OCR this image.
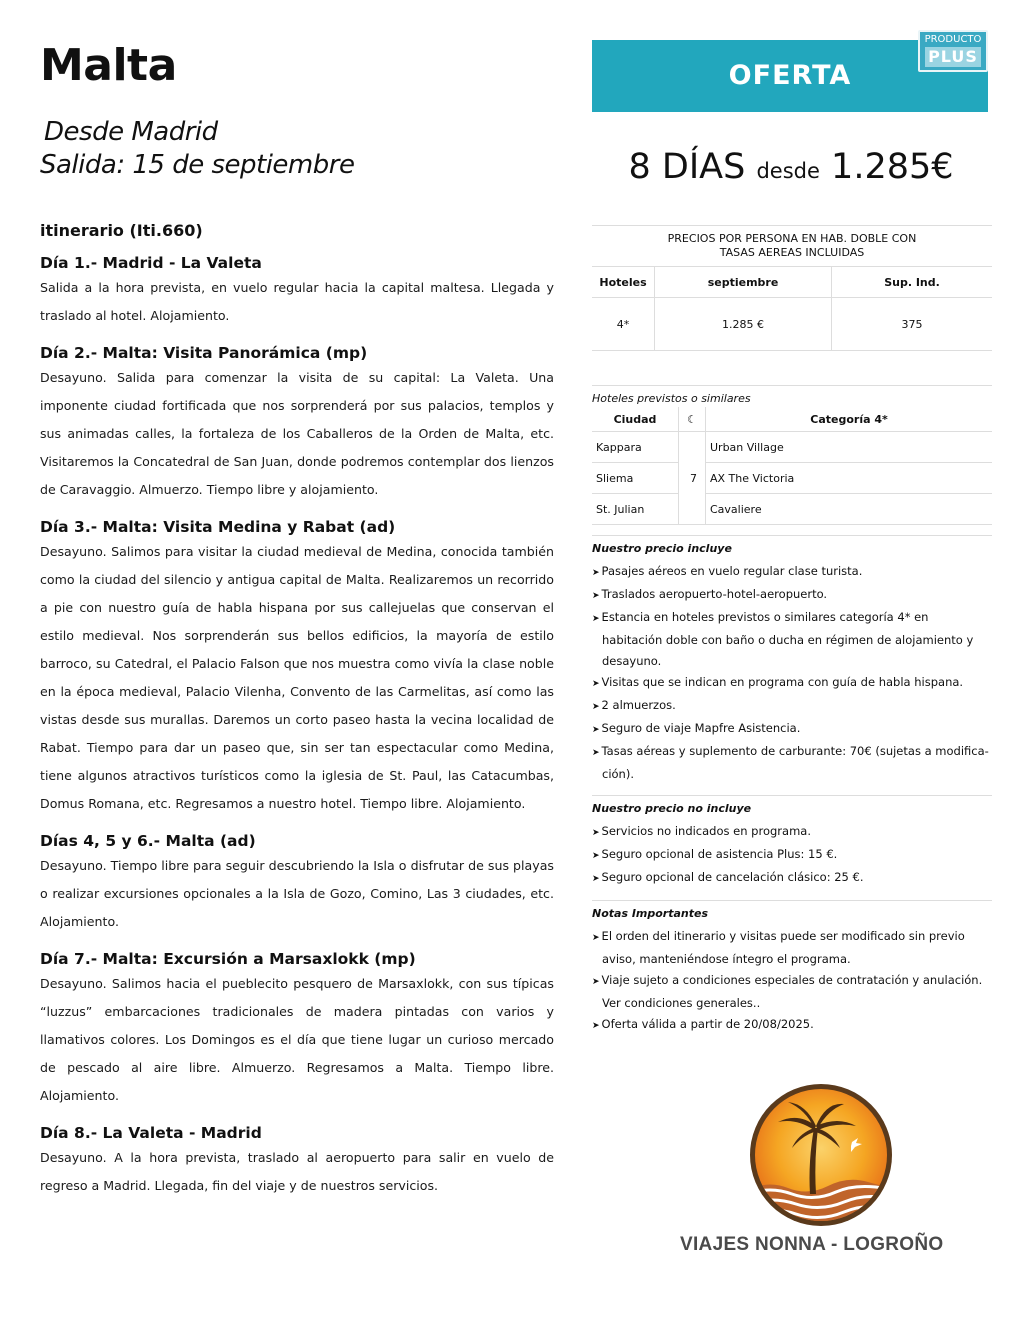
Malta

Desde Madrid

Salida: 15 de septiembre

itinerario (Iti.660)
Día 1.- Madrid - La Valeta

Salida a la hora prevista, en vuelo regular hacia la capital maltesa. Llegada y traslado al hotel. Alojamiento.

Día 2.- Malta: Visita Panorámica (mp)

Desayuno. Salida para comenzar la visita de su capital: La Valeta. Una imponente ciudad fortificada que nos sorprenderá por sus palacios, templos y sus animadas calles, la fortaleza de los Caballeros de la Orden de Malta, etc. Visitaremos la Concatedral de San Juan, donde podremos contemplar dos lienzos de Caravaggio. Almuerzo. Tiempo libre y alojamiento.

Día 3.- Malta: Visita Medina y Rabat (ad)

Desayuno. Salimos para visitar la ciudad medieval de Medina, conocida también como la ciudad del silencio y antigua capital de Malta. Realizaremos un recorrido a pie con nuestro guía de habla hispana por sus callejuelas que conservan el estilo medieval. Nos sorprenderán sus bellos edificios, la mayoría de estilo barroco, su Catedral, el Palacio Falson que nos muestra como vivía la clase noble en la época medieval, Palacio Vilenha, Convento de las Carmelitas, así como las vistas desde sus murallas. Daremos un corto paseo hasta la vecina localidad de Rabat. Tiempo para dar un paseo que, sin ser tan espectacular como Medina, tiene algunos atractivos turísticos como la iglesia de St. Paul, las Catacumbas, Domus Romana, etc. Regresamos a nuestro hotel. Tiempo libre. Alojamiento.

Días 4, 5 y 6.- Malta (ad)

Desayuno. Tiempo libre para seguir descubriendo la Isla o disfrutar de sus playas o realizar excursiones opcionales a la Isla de Gozo, Comino, Las 3 ciudades, etc. Alojamiento.

Día 7.- Malta: Excursión a Marsaxlokk (mp)

Desayuno. Salimos hacia el pueblecito pesquero de Marsaxlokk, con sus típicas “luzzus” embarcaciones tradicionales de madera pintadas con varios y llamativos colores. Los Domingos es el día que tiene lugar un curioso mercado de pescado al aire libre. Almuerzo. Regresamos a Malta. Tiempo libre. Alojamiento.

Día 8.- La Valeta - Madrid

Desayuno. A la hora prevista, traslado al aeropuerto para salir en vuelo de regreso a Madrid. Llegada, fin del viaje y de nuestros servicios.

OFERTA
PRODUCTO
PLUS
8 DÍAS desde 1.285€
PRECIOS POR PERSONA EN HAB. DOBLE CON
TASAS AEREAS INCLUIDAS		
Hoteles	septiembre	Sup. Ind.
4*	1.285 €	375
Hoteles previstos o similares		
Ciudad	☾	Categoría 4*
Kappara	7	Urban Village
Sliema		AX The Victoria
St. Julian		Cavaliere
Nuestro precio incluye
➤ Pasajes aéreos en vuelo regular clase turista.
➤ Traslados aeropuerto-hotel-aeropuerto.
➤ Estancia en hoteles previstos o similares categoría 4* en habitación doble con baño o ducha en régimen de alojamiento y desayuno.
➤ Visitas que se indican en programa con guía de habla hispana.
➤ 2 almuerzos.
➤ Seguro de viaje Mapfre Asistencia.
➤ Tasas aéreas y suplemento de carburante: 70€ (sujetas a modifica-ción).
Nuestro precio no incluye
➤ Servicios no indicados en programa.
➤ Seguro opcional de asistencia Plus: 15 €.
➤ Seguro opcional de cancelación clásico: 25 €.
Notas Importantes
➤ El orden del itinerario y visitas puede ser modificado sin previo aviso, manteniéndose íntegro el programa.
➤ Viaje sujeto a condiciones especiales de contratación y anulación. Ver condiciones generales..
➤ Oferta válida a partir de 20/08/2025.
VIAJES NONNA - LOGROÑO
